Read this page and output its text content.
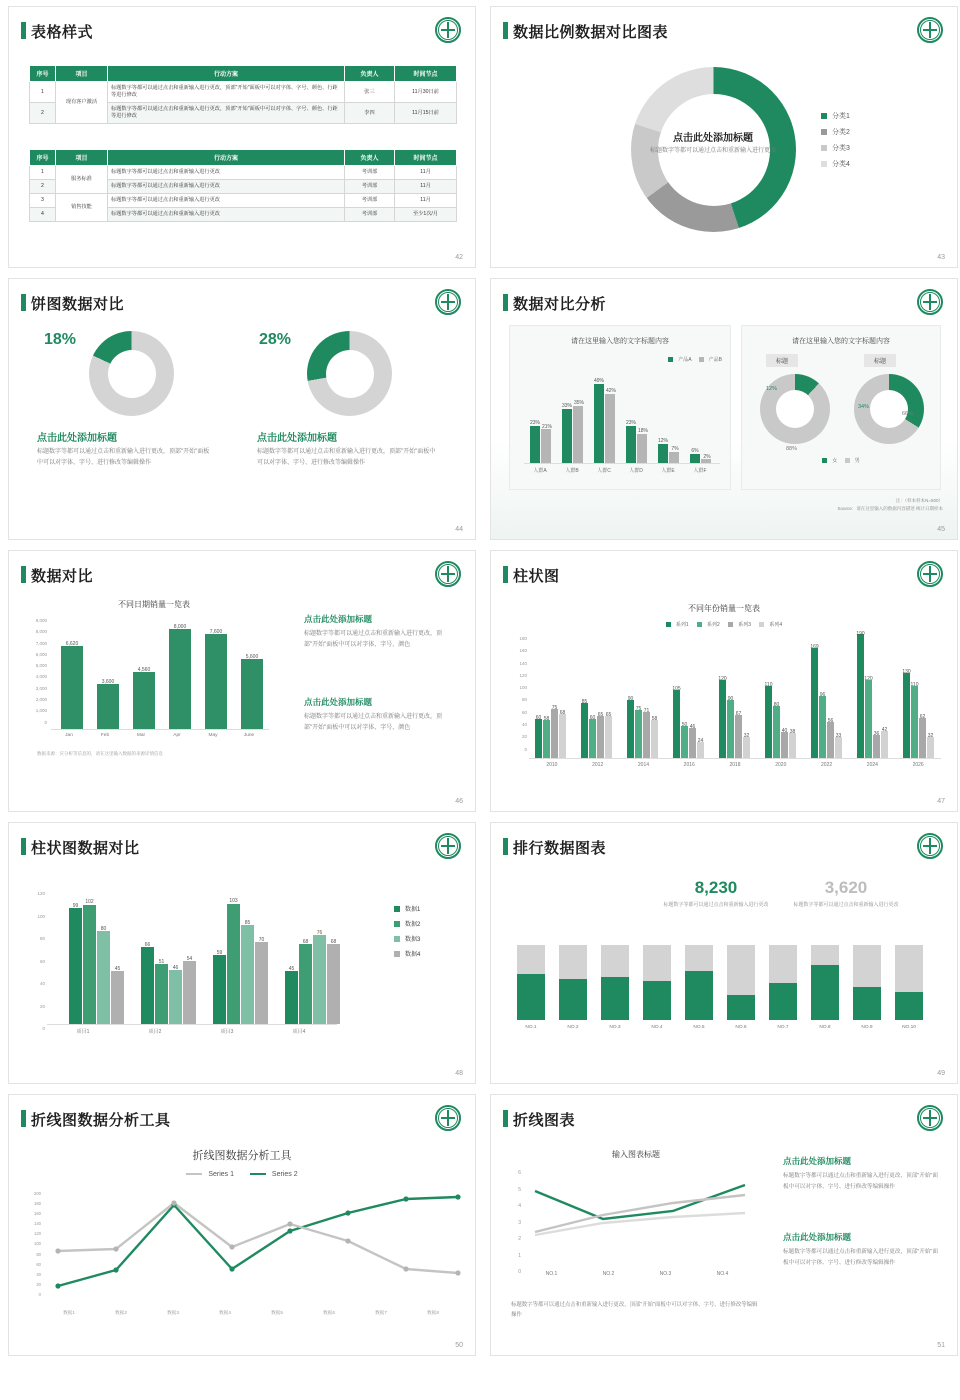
表格样式
序号	项目	行动方案	负责人	时间节点
1	现有客户激活	标题数字等都可以通过点击和重新输入进行更改，顶部"开始"面板中可以对字体、字号、颜色、行距等进行修改	张三	11月30日前
2		标题数字等都可以通过点击和重新输入进行更改，顶部"开始"面板中可以对字体、字号、颜色、行距等进行修改	李四	11月15日前
序号	项目	行动方案	负责人	时间节点
1	服务标准	标题数字等都可以通过点击和重新输入进行更改	考训部	11月
2		标题数字等都可以通过点击和重新输入进行更改	考训部	11月
3	销售技能	标题数字等都可以通过点击和重新输入进行更改	考训部	11月
4		标题数字等都可以通过点击和重新输入进行更改	考训部	至少1次/月
42
数据比例数据对比图表
点击此处添加标题
标题数字等都可以通过点击和重新输入进行更改
分类1
分类2
分类3
分类4
43
饼图数据对比
18%
点击此处添加标题
标题数字等都可以通过点击和重新输入进行更改，顶部"开始"面板中可以对字体、字号、进行修改等编辑操作
28%
点击此处添加标题
标题数字等都可以通过点击和重新输入进行更改，顶部"开始"面板中可以对字体、字号、进行修改等编辑操作
44
数据对比分析
请在这里输入您的文字标题内容
产品A	产品B
23%
21%
33% 35%
49%
42%
23%
18%
12%
7%	6%
2%
人群A	人群B	人群C	人群D	人群E	人群F
请在这里输入您的文字标题内容
标题	标题
12%
88%
34%
66%
女	男
注：（样本样本N=500）
Source：请在这里输入的数据内容描述 统计日期样本
45
数据对比
不同日期销量一览表
9,000
8,000
7,000
6,000
5,000
4,000
3,000
2,000
1,000
0
6,620
3,600
4,560
8,000
7,600
5,600
Jan	Feb	Mar	Apr	May	June
数据来源：应分析等信息的，请在这里输入数据的来源详情信息
点击此处添加标题
标题数字等都可以通过点击和重新输入进行更改，顶部"开始"面板中可以对字体、字号、颜色
点击此处添加标题
标题数字等都可以通过点击和重新输入进行更改，顶部"开始"面板中可以对字体、字号、颜色
46
柱状图
不同年份销量一览表
系列1	系列2	系列3	系列4
180
160
140
120
100
80
60
40
20
0
60 58
75
68
85
60 65 65
90
75 71
58
105
50 46
24
120
90
67
32
110
80
40 38
169
96
56
33
190
120
36
42
130
110
62
32
2010	2012	2014	2016	2018	2020	2022	2024	2026
47
柱状图数据对比
120
100
80
60
40
20
0
99
102
80
45
66
51
46
54
59
103
85
70
45
68
76
68
项目1	项目2	项目3	项目4
数据1
数据2
数据3
数据4
48
排行数据图表
8,230
标题数字等都可以通过点击和重新输入进行更改
3,620
标题数字等都可以通过点击和重新输入进行更改
NO.1	NO.2	NO.3	NO.4	NO.5	NO.6	NO.7	NO.8	NO.9	NO.10
49
折线图数据分析工具
折线图数据分析工具
Series 1	Series 2
200
180
160
140
120
100
80
60
40
20
0
数据1	数据2	数据3	数据4	数据5	数据6	数据7	数据8
50
折线图表
输入图表标题
6
5
4
3
2
1
0	NO.1	NO.2	NO.3	NO.4
点击此处添加标题
标题数字等都可以通过点击和重新输入进行更改，顶部"开始"面板中可以对字体、字号、进行修改等编辑操作
点击此处添加标题
标题数字等都可以通过点击和重新输入进行更改，顶部"开始"面板中可以对字体、字号、进行修改等编辑操作
标题数字等都可以通过点击和重新输入进行更改，顶部"开始"面板中可以对字体、字号、进行修改等编辑操作
51
